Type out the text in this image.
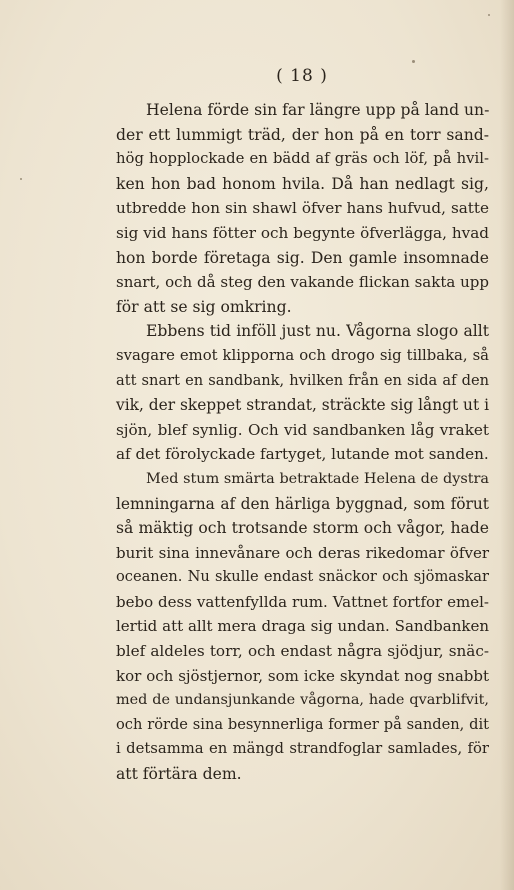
( 18 )
Helena förde sin far längre upp på land un-
der ett lummigt träd, der hon på en torr sand-
hög hopplockade en bädd af gräs och löf, på hvil-
ken hon bad honom hvila. Då han nedlagt sig,
utbredde hon sin shawl öfver hans hufvud, satte
sig vid hans fötter och begynte öfverlägga, hvad
hon borde företaga sig. Den gamle insomnade
snart, och då steg den vakande flickan sakta upp
för att se sig omkring.
Ebbens tid inföll just nu. Vågorna slogo allt
svagare emot klipporna och drogo sig tillbaka, så
att snart en sandbank, hvilken från en sida af den
vik, der skeppet strandat, sträckte sig långt ut i
sjön, blef synlig. Och vid sandbanken låg vraket
af det förolyckade fartyget, lutande mot sanden.
Med stum smärta betraktade Helena de dystra
lemningarna af den härliga byggnad, som förut
så mäktig och trotsande storm och vågor, hade
burit sina innevånare och deras rikedomar öfver
oceanen. Nu skulle endast snäckor och sjömaskar
bebo dess vattenfyllda rum. Vattnet fortfor emel-
lertid att allt mera draga sig undan. Sandbanken
blef aldeles torr, och endast några sjödjur, snäc-
kor och sjöstjernor, som icke skyndat nog snabbt
med de undansjunkande vågorna, hade qvarblifvit,
och rörde sina besynnerliga former på sanden, dit
i detsamma en mängd strandfoglar samlades, för
att förtära dem.
